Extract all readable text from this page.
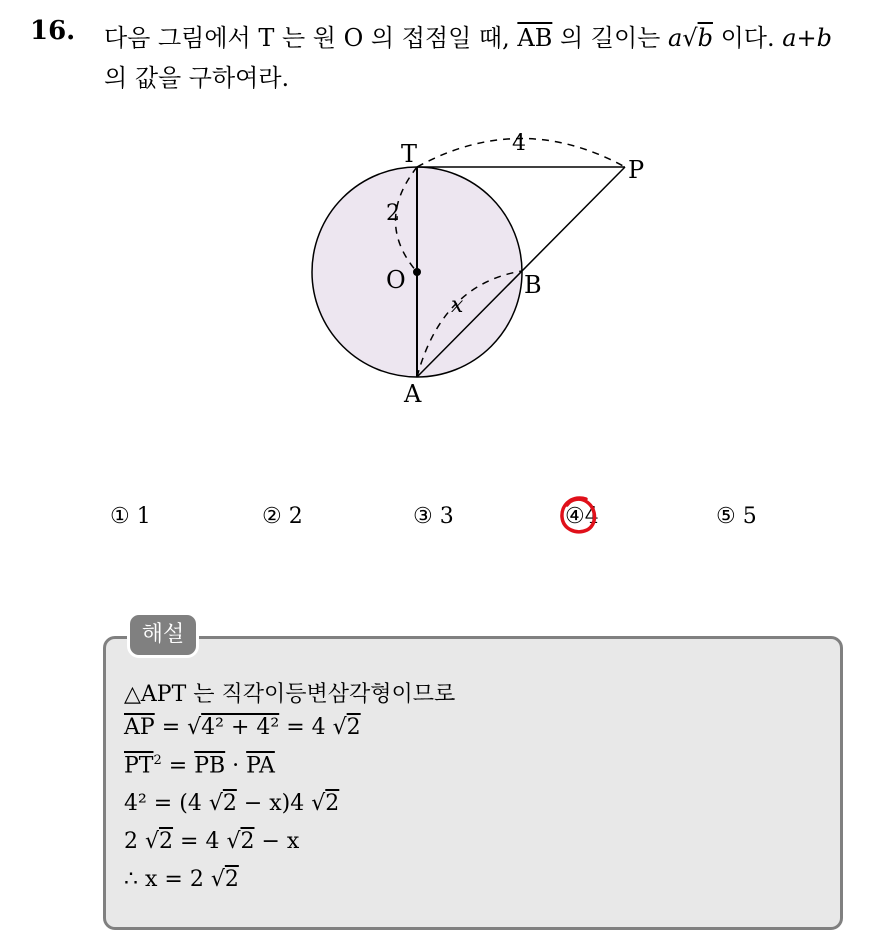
16. 다음 그림에서 T 는 원 O 의 접점일 때, $\overline{AB}$ 의 길이는 a√b 이다. a+b
의 값을 구하여라.
T
P
O	B
A
4
2
x
① 1	② 2	③ 3	④4	⑤ 5
해설
△APT 는 직각이등변삼각형이므로
$\overline{AP} = √4^2 + 4^2 = 4$ √2
$\overline{PT}^2 = \overline{PB} \cdot \overline{PA}$
4² = (4 √2 − x)4 √2
2 √2 = 4 √2 − x
∴ x = 2 √2
